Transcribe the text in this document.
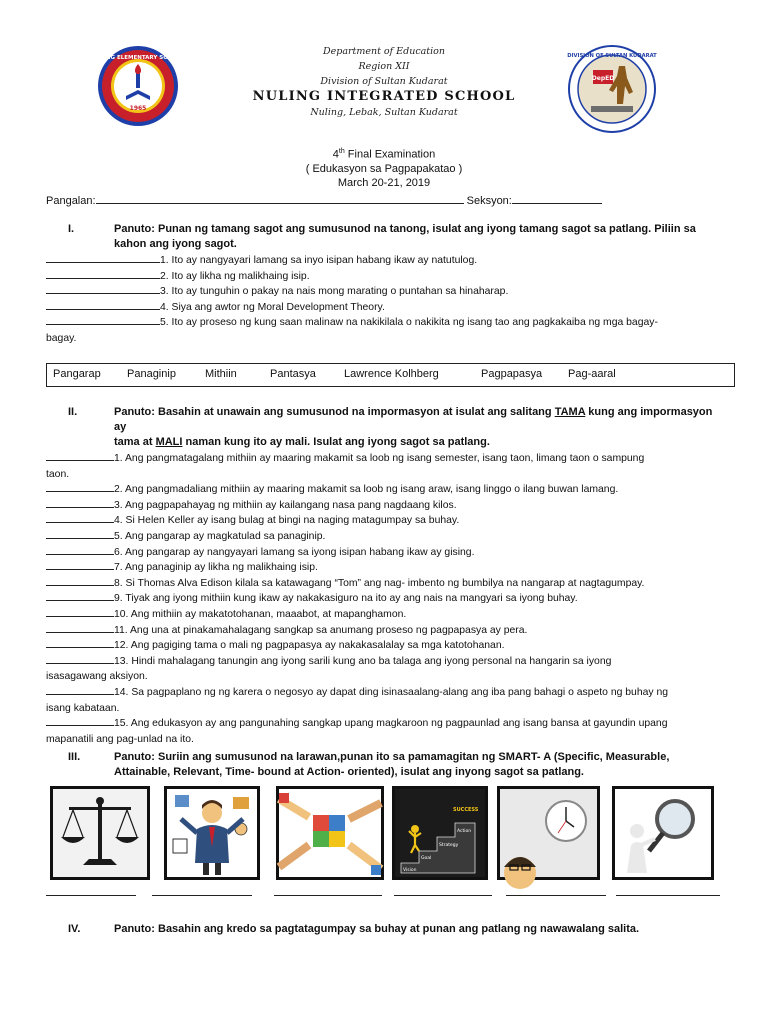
NULING ELEMENTARY SCHOOL
1965
Department of Education
Region XII
Division of Sultan Kudarat
NULING INTEGRATED SCHOOL
Nuling, Lebak, Sultan Kudarat
DIVISION OF SULTAN KUDARAT
DepED
4th Final Examination
( Edukasyon sa Pagpapakatao )
March 20-21, 2019
Pangalan:	Seksyon:
I.	Panuto: Punan ng tamang sagot ang sumusunod na tanong, isulat ang iyong tamang sagot sa patlang. Piliin sa
kahon ang iyong sagot.
1. Ito ay nangyayari lamang sa inyo isipan habang ikaw ay natutulog.
2. Ito ay likha ng malikhaing isip.
3. Ito ay tunguhin o pakay na nais mong marating o puntahan sa hinaharap.
4. Siya ang awtor ng Moral Development Theory.
5. Ito ay proseso ng kung saan malinaw na nakikilala o nakikita ng isang tao ang pagkakaiba ng mga bagay-
bagay.
Pangarap Panaginip	Mithiin	Pantasya	Lawrence Kolhberg	Pagpapasya Pag-aaral
II.	Panuto: Basahin at unawain ang sumusunod na impormasyon at isulat ang salitang TAMA kung ang impormasyon ay
tama at MALI naman kung ito ay mali. Isulat ang iyong sagot sa patlang.
1. Ang pangmatagalang mithiin ay maaring makamit sa loob ng isang semester, isang taon, limang taon o sampung
taon.
2. Ang pangmadaliang mithiin ay maaring makamit sa loob ng isang araw, isang linggo o ilang buwan lamang.
3. Ang pagpapahayag ng mithiin ay kailangang nasa pang nagdaang kilos.
4. Si Helen Keller ay isang bulag at bingi na naging matagumpay sa buhay.
5. Ang pangarap ay magkatulad sa panaginip.
6. Ang pangarap ay nangyayari lamang sa iyong isipan habang ikaw ay gising.
7. Ang panaginip ay likha ng malikhaing isip.
8. Si Thomas Alva Edison kilala sa katawagang “Tom” ang nag- imbento ng bumbilya na nangarap at nagtagumpay.
9. Tiyak ang iyong mithiin kung ikaw ay nakakasiguro na ito ay ang nais na mangyari sa iyong buhay.
10. Ang mithiin ay makatotohanan, maaabot, at mapanghamon.
11. Ang una at pinakamahalagang sangkap sa anumang proseso ng pagpapasya ay pera.
12. Ang pagiging tama o mali ng pagpapasya ay nakakasalalay sa mga katotohanan.
13. Hindi mahalagang tanungin ang iyong sarili kung ano ba talaga ang iyong personal na hangarin sa iyong
isasagawang aksiyon.
14. Sa pagpaplano ng ng karera o negosyo ay dapat ding isinasaalang-alang ang iba pang bahagi o aspeto ng buhay ng
isang kabataan.
15. Ang edukasyon ay ang pangunahing sangkap upang magkaroon ng pagpaunlad ang isang bansa at gayundin upang
mapanatili ang pag-unlad na ito.
III.	Panuto: Suriin ang sumusunod na larawan,punan ito sa pamamagitan ng SMART- A (Specific, Measurable,
Attainable, Relevant, Time- bound at Action- oriented), isulat ang inyong sagot sa patlang.
Vision
Goal
Strategy
Action
SUCCESS
IV.	Panuto: Basahin ang kredo sa pagtatagumpay sa buhay at punan ang patlang ng nawawalang salita.
